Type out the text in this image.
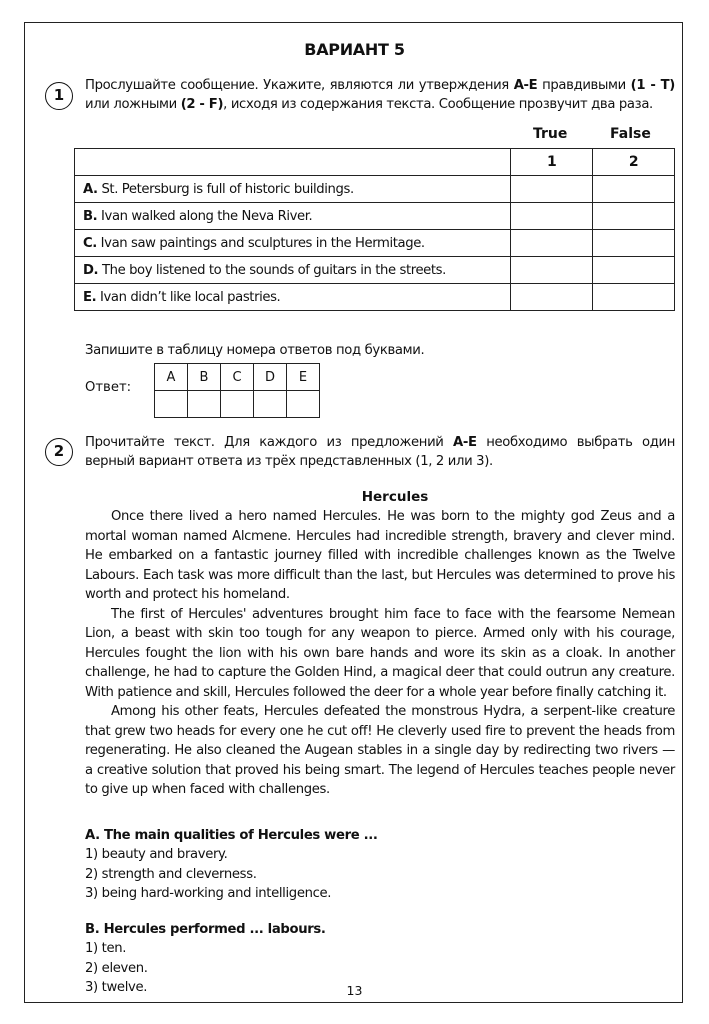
ВАРИАНТ 5
1
Прослушайте сообщение. Укажите, являются ли утверждения A-E правдивыми (1 - T) или ложными (2 - F), исходя из содержания текста. Сообщение прозвучит два раза.
True	False
	1	2
A. St. Petersburg is full of historic buildings.		
B. Ivan walked along the Neva River.		
C. Ivan saw paintings and sculptures in the Hermitage.		
D. The boy listened to the sounds of guitars in the streets.		
E. Ivan didn’t like local pastries.		
Запишите в таблицу номера ответов под буквами.
Ответ:
A	B	C	D	E

2	Прочитайте текст. Для каждого из предложений A-E необходимо выбрать один верный вариант ответа из трёх представленных (1, 2 или 3).
Hercules

Once there lived a hero named Hercules. He was born to the mighty god Zeus and a mortal woman named Alcmene. Hercules had incredible strength, bravery and clever mind. He embarked on a fantastic journey filled with incredible challenges known as the Twelve Labours. Each task was more difficult than the last, but Hercules was determined to prove his worth and protect his homeland.

The first of Hercules' adventures brought him face to face with the fearsome Nemean Lion, a beast with skin too tough for any weapon to pierce. Armed only with his courage, Hercules fought the lion with his own bare hands and wore its skin as a cloak. In another challenge, he had to capture the Golden Hind, a magical deer that could outrun any creature. With patience and skill, Hercules followed the deer for a whole year before finally catching it.

Among his other feats, Hercules defeated the monstrous Hydra, a serpent-like creature that grew two heads for every one he cut off! He cleverly used fire to prevent the heads from regenerating. He also cleaned the Augean stables in a single day by redirecting two rivers — a creative solution that proved his being smart. The legend of Hercules teaches people never to give up when faced with challenges.

A. The main qualities of Hercules were ...
1) beauty and bravery.
2) strength and cleverness.
3) being hard-working and intelligence.
B. Hercules performed ... labours.
1) ten.
2) eleven.
3) twelve.	13
